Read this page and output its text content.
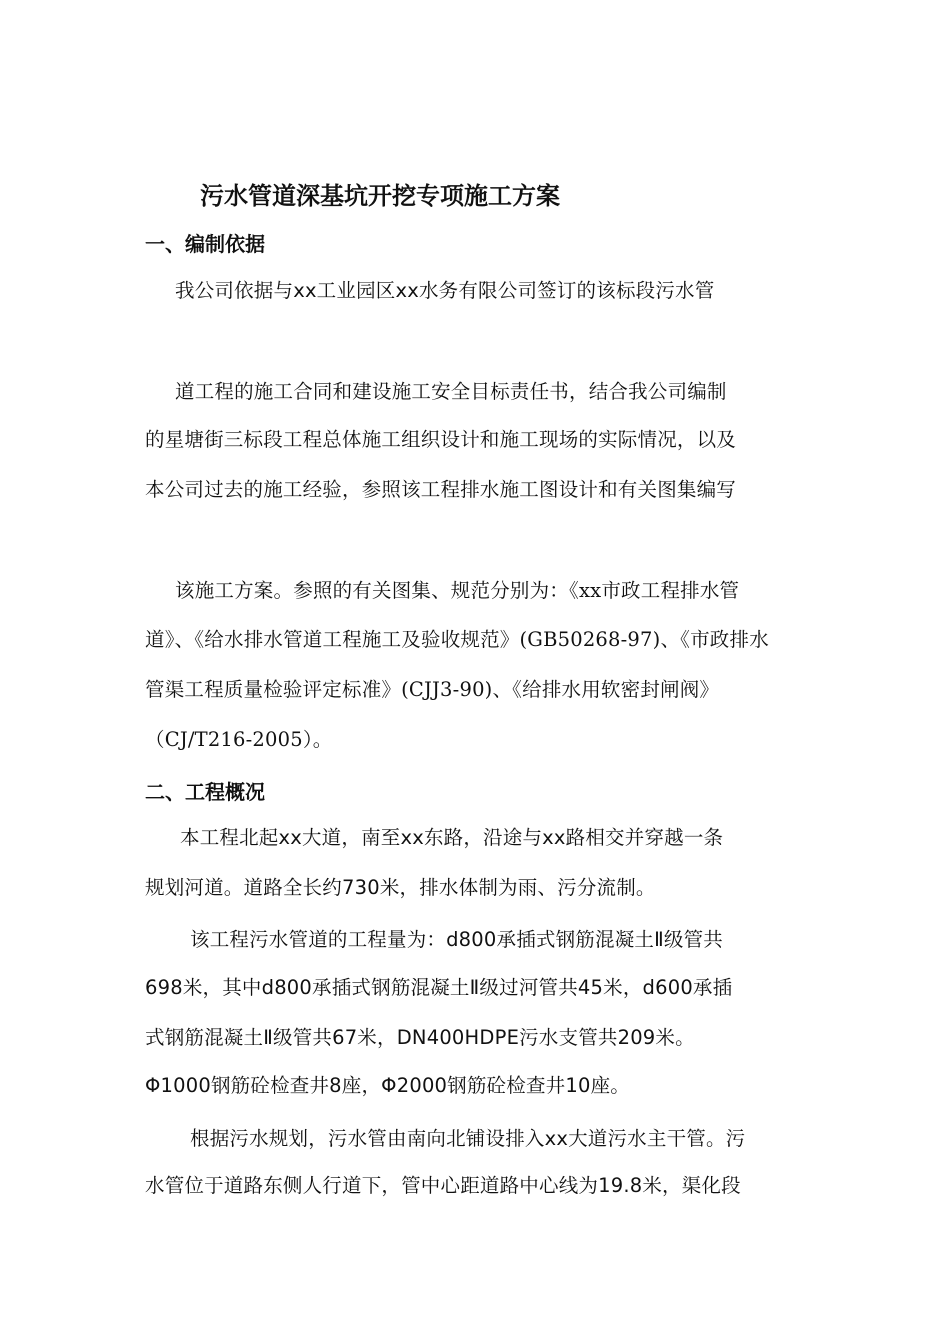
污水管道深基坑开挖专项施工方案
一、编制依据
我公司依据与xx工业园区xx水务有限公司签订的该标段污水管
道工程的施工合同和建设施工安全目标责任书，结合我公司编制
的星塘街三标段工程总体施工组织设计和施工现场的实际情况，以及
本公司过去的施工经验，参照该工程排水施工图设计和有关图集编写
该施工方案。参照的有关图集、规范分别为：《xx市政工程排水管
道》、《给水排水管道工程施工及验收规范》(GB50268-97)、《市政排水
管渠工程质量检验评定标准》(CJJ3-90)、《给排水用软密封闸阀》
（CJ/T216-2005）。
二、工程概况
本工程北起xx大道，南至xx东路，沿途与xx路相交并穿越一条
规划河道。道路全长约730米，排水体制为雨、污分流制。
该工程污水管道的工程量为：d800承插式钢筋混凝土Ⅱ级管共
698米，其中d800承插式钢筋混凝土Ⅱ级过河管共45米，d600承插
式钢筋混凝土Ⅱ级管共67米，DN400HDPE污水支管共209米。
Φ1000钢筋砼检查井8座，Φ2000钢筋砼检查井10座。
根据污水规划，污水管由南向北铺设排入xx大道污水主干管。污
水管位于道路东侧人行道下，管中心距道路中心线为19.8米，渠化段
